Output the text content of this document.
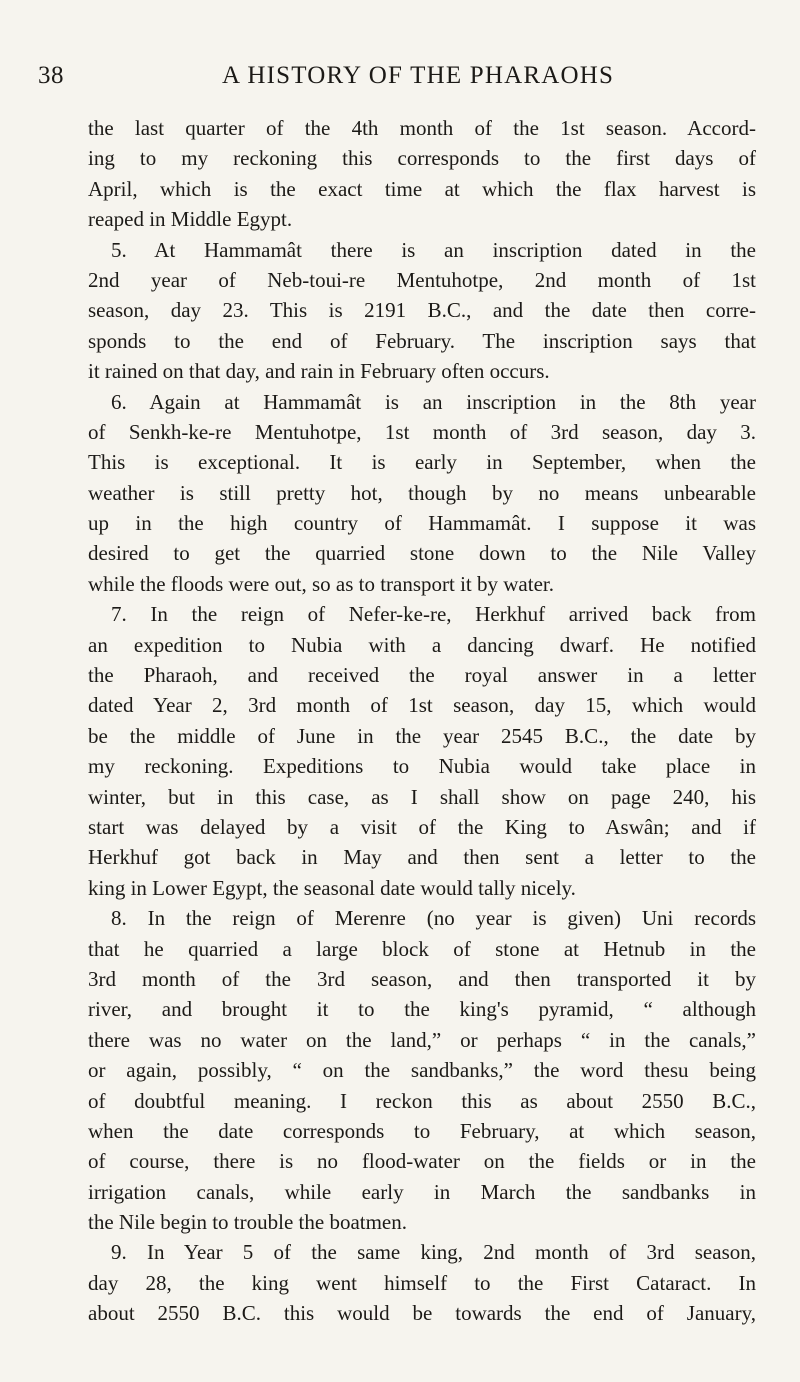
38	A HISTORY OF THE PHARAOHS
the last quarter of the 4th month of the 1st season. Accord-
ing to my reckoning this corresponds to the first days of
April, which is the exact time at which the flax harvest is
reaped in Middle Egypt.
5. At Hammamât there is an inscription dated in the
2nd year of Neb-toui-re Mentuhotpe, 2nd month of 1st
season, day 23. This is 2191 B.C., and the date then corre-
sponds to the end of February. The inscription says that
it rained on that day, and rain in February often occurs.
6. Again at Hammamât is an inscription in the 8th year
of Senkh-ke-re Mentuhotpe, 1st month of 3rd season, day 3.
This is exceptional. It is early in September, when the
weather is still pretty hot, though by no means unbearable
up in the high country of Hammamât. I suppose it was
desired to get the quarried stone down to the Nile Valley
while the floods were out, so as to transport it by water.
7. In the reign of Nefer-ke-re, Herkhuf arrived back from
an expedition to Nubia with a dancing dwarf. He notified
the Pharaoh, and received the royal answer in a letter
dated Year 2, 3rd month of 1st season, day 15, which would
be the middle of June in the year 2545 B.C., the date by
my reckoning. Expeditions to Nubia would take place in
winter, but in this case, as I shall show on page 240, his
start was delayed by a visit of the King to Aswân; and if
Herkhuf got back in May and then sent a letter to the
king in Lower Egypt, the seasonal date would tally nicely.
8. In the reign of Merenre (no year is given) Uni records
that he quarried a large block of stone at Hetnub in the
3rd month of the 3rd season, and then transported it by
river, and brought it to the king's pyramid, “ although
there was no water on the land,” or perhaps “ in the canals,”
or again, possibly, “ on the sandbanks,” the word thesu being
of doubtful meaning. I reckon this as about 2550 B.C.,
when the date corresponds to February, at which season,
of course, there is no flood-water on the fields or in the
irrigation canals, while early in March the sandbanks in
the Nile begin to trouble the boatmen.
9. In Year 5 of the same king, 2nd month of 3rd season,
day 28, the king went himself to the First Cataract. In
about 2550 B.C. this would be towards the end of January,
